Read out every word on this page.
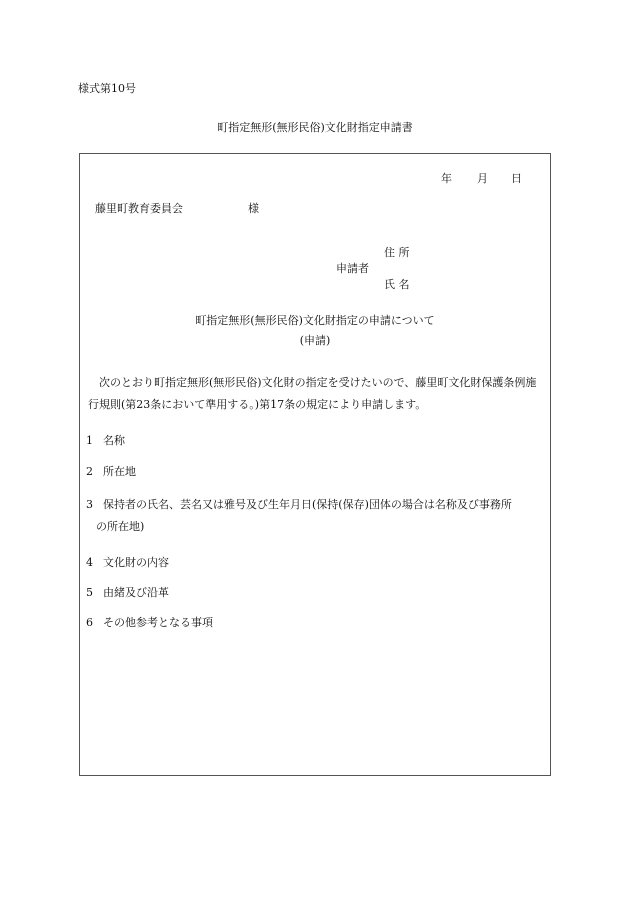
様式第10号
町指定無形(無形民俗)文化財指定申請書
年 月 日
藤里町教育委員会	様
住 所
申請者
氏 名
町指定無形(無形民俗)文化財指定の申請について
(申請)
次のとおり町指定無形(無形民俗)文化財の指定を受けたいので、藤里町文化財保護条例施行規則(第23条において準用する。)第17条の規定により申請します。
1 名称
2 所在地
3 保持者の氏名、芸名又は雅号及び生年月日(保持(保存)団体の場合は名称及び事務所
の所在地)
4 文化財の内容
5 由緒及び沿革
6 その他参考となる事項
